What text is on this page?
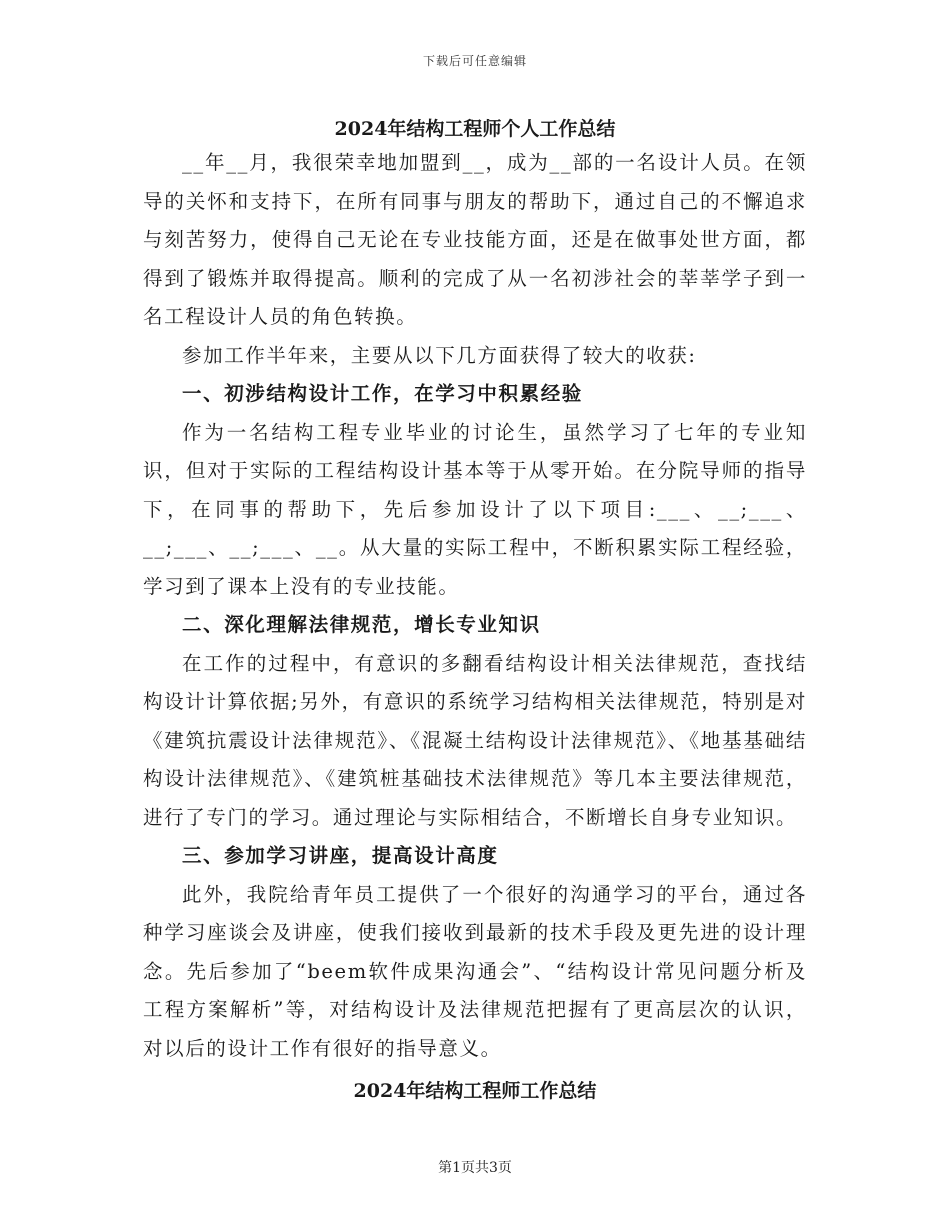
下载后可任意编辑
2024年结构工程师个人工作总结

__年__月，我很荣幸地加盟到__，成为__部的一名设计人员。在领导的关怀和支持下，在所有同事与朋友的帮助下，通过自己的不懈追求与刻苦努力，使得自己无论在专业技能方面，还是在做事处世方面，都得到了锻炼并取得提高。顺利的完成了从一名初涉社会的莘莘学子到一名工程设计人员的角色转换。

参加工作半年来，主要从以下几方面获得了较大的收获:

一、初涉结构设计工作，在学习中积累经验

作为一名结构工程专业毕业的讨论生，虽然学习了七年的专业知识，但对于实际的工程结构设计基本等于从零开始。在分院导师的指导下，在同事的帮助下，先后参加设计了以下项目:___、__;___、__;___、__;___、__。从大量的实际工程中，不断积累实际工程经验，学习到了课本上没有的专业技能。

二、深化理解法律规范，增长专业知识

在工作的过程中，有意识的多翻看结构设计相关法律规范，查找结构设计计算依据;另外，有意识的系统学习结构相关法律规范，特别是对《建筑抗震设计法律规范》、《混凝土结构设计法律规范》、《地基基础结构设计法律规范》、《建筑桩基础技术法律规范》等几本主要法律规范，进行了专门的学习。通过理论与实际相结合，不断增长自身专业知识。

三、参加学习讲座，提高设计高度

此外，我院给青年员工提供了一个很好的沟通学习的平台，通过各种学习座谈会及讲座，使我们接收到最新的技术手段及更先进的设计理念。先后参加了“beem软件成果沟通会”、“结构设计常见问题分析及工程方案解析”等，对结构设计及法律规范把握有了更高层次的认识，对以后的设计工作有很好的指导意义。

2024年结构工程师工作总结
第1页共3页
